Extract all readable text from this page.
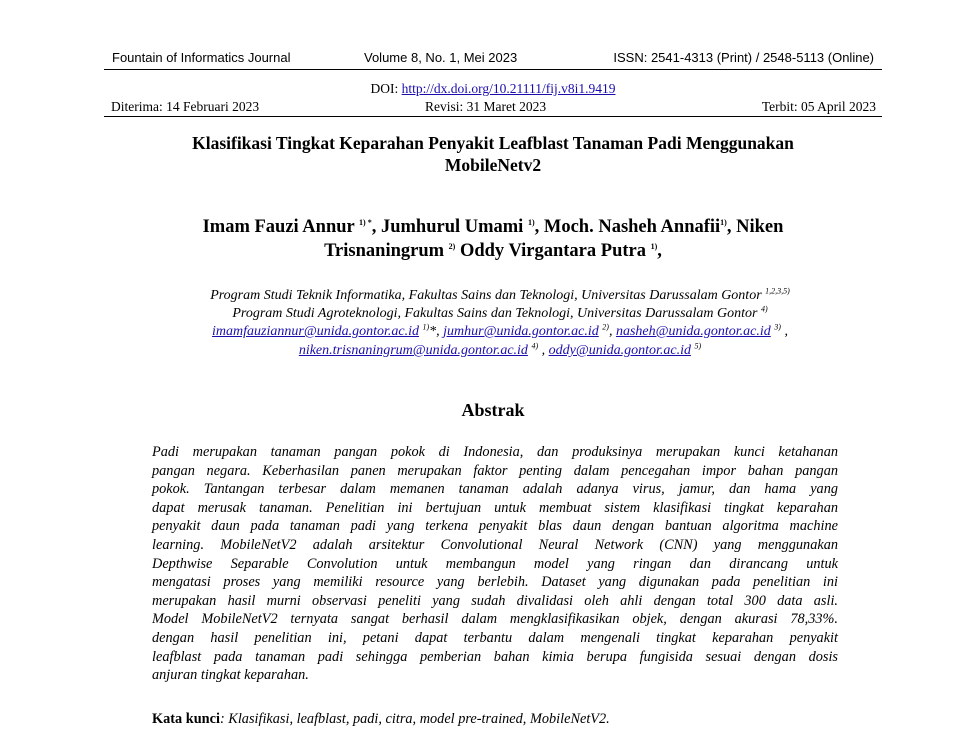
Fountain of Informatics Journal	Volume 8, No. 1, Mei 2023	ISSN: 2541-4313 (Print) / 2548-5113 (Online)
DOI: http://dx.doi.org/10.21111/fij.v8i1.9419
Diterima: 14 Februari 2023	Revisi: 31 Maret 2023	Terbit: 05 April 2023
Klasifikasi Tingkat Keparahan Penyakit Leafblast Tanaman Padi Menggunakan
MobileNetv2
Imam Fauzi Annur $^{1) *}$, Jumhurul Umami $^{1)}$, Moch. Nasheh Annafii$^{1)}$, Niken
Trisnaningrum $^{2)}$ Oddy Virgantara Putra $^{1)}$,
Program Studi Teknik Informatika, Fakultas Sains dan Teknologi, Universitas Darussalam Gontor $^{1,2,3,5)}$
Program Studi Agroteknologi, Fakultas Sains dan Teknologi, Universitas Darussalam Gontor $^{4)}$
imamfauziannur@unida.gontor.ac.id $^{1)}$*, jumhur@unida.gontor.ac.id $^{2)}$, nasheh@unida.gontor.ac.id $^{3)}$ ,
niken.trisnaningrum@unida.gontor.ac.id $^{4)}$ , oddy@unida.gontor.ac.id $^{5)}$
Abstrak
Padi merupakan tanaman pangan pokok di Indonesia, dan produksinya merupakan kunci ketahanan
pangan negara. Keberhasilan panen merupakan faktor penting dalam pencegahan impor bahan pangan
pokok. Tantangan terbesar dalam memanen tanaman adalah adanya virus, jamur, dan hama yang
dapat merusak tanaman. Penelitian ini bertujuan untuk membuat sistem klasifikasi tingkat keparahan
penyakit daun pada tanaman padi yang terkena penyakit blas daun dengan bantuan algoritma machine
learning. MobileNetV2 adalah arsitektur Convolutional Neural Network (CNN) yang menggunakan
Depthwise Separable Convolution untuk membangun model yang ringan dan dirancang untuk
mengatasi proses yang memiliki resource yang berlebih. Dataset yang digunakan pada penelitian ini
merupakan hasil murni observasi peneliti yang sudah divalidasi oleh ahli dengan total 300 data asli.
Model MobileNetV2 ternyata sangat berhasil dalam mengklasifikasikan objek, dengan akurasi 78,33%.
dengan hasil penelitian ini, petani dapat terbantu dalam mengenali tingkat keparahan penyakit
leafblast pada tanaman padi sehingga pemberian bahan kimia berupa fungisida sesuai dengan dosis
anjuran tingkat keparahan.
Kata kunci: Klasifikasi, leafblast, padi, citra, model pre-trained, MobileNetV2.
